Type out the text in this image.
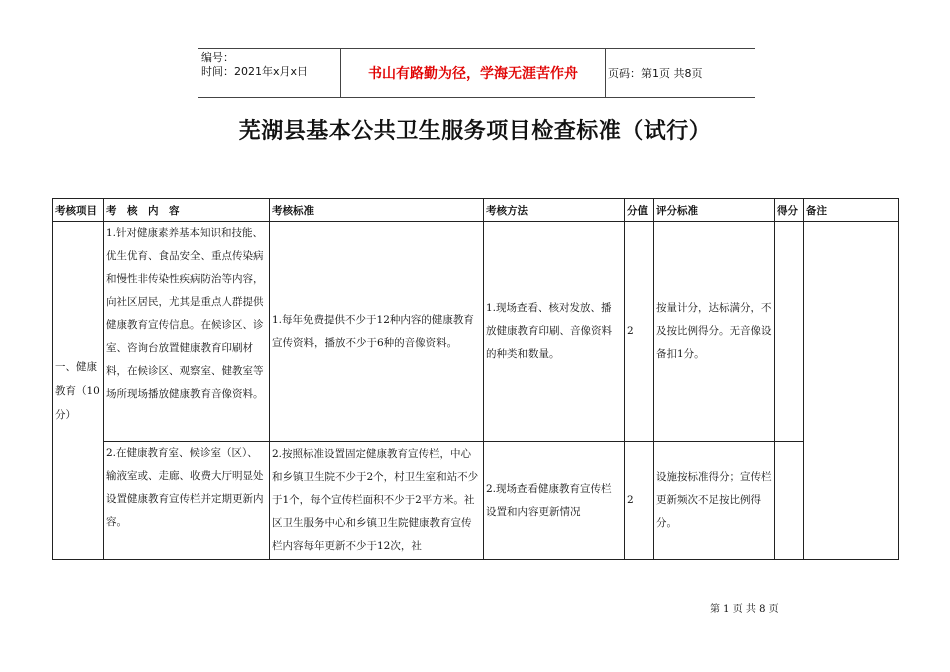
编号：
时间：2021年x月x日	书山有路勤为径，学海无涯苦作舟	页码：第1页 共8页
芜湖县基本公共卫生服务项目检查标准（试行）
考核项目	考　核　内　容	考核标准	考核方法	分值	评分标准	得分	备注
一、健康教育（10分）	1.针对健康素养基本知识和技能、优生优育、食品安全、重点传染病和慢性非传染性疾病防治等内容，向社区居民，尤其是重点人群提供健康教育宣传信息。在候诊区、诊室、咨询台放置健康教育印刷材料，在候诊区、观察室、健教室等场所现场播放健康教育音像资料。	1.每年免费提供不少于12种内容的健康教育宣传资料，播放不少于6种的音像资料。	1.现场查看、核对发放、播放健康教育印刷、音像资料的种类和数量。	2	按量计分，达标满分，不及按比例得分。无音像设备扣1分。		
	2.在健康教育室、候诊室（区）、输液室或、走廊、收费大厅明显处设置健康教育宣传栏并定期更新内容。	2.按照标准设置固定健康教育宣传栏，中心和乡镇卫生院不少于2个，村卫生室和站不少于1个，每个宣传栏面积不少于2平方米。社区卫生服务中心和乡镇卫生院健康教育宣传栏内容每年更新不少于12次，社	2.现场查看健康教育宣传栏设置和内容更新情况	2	设施按标准得分；宣传栏更新频次不足按比例得分。		
第 1 页 共 8 页
